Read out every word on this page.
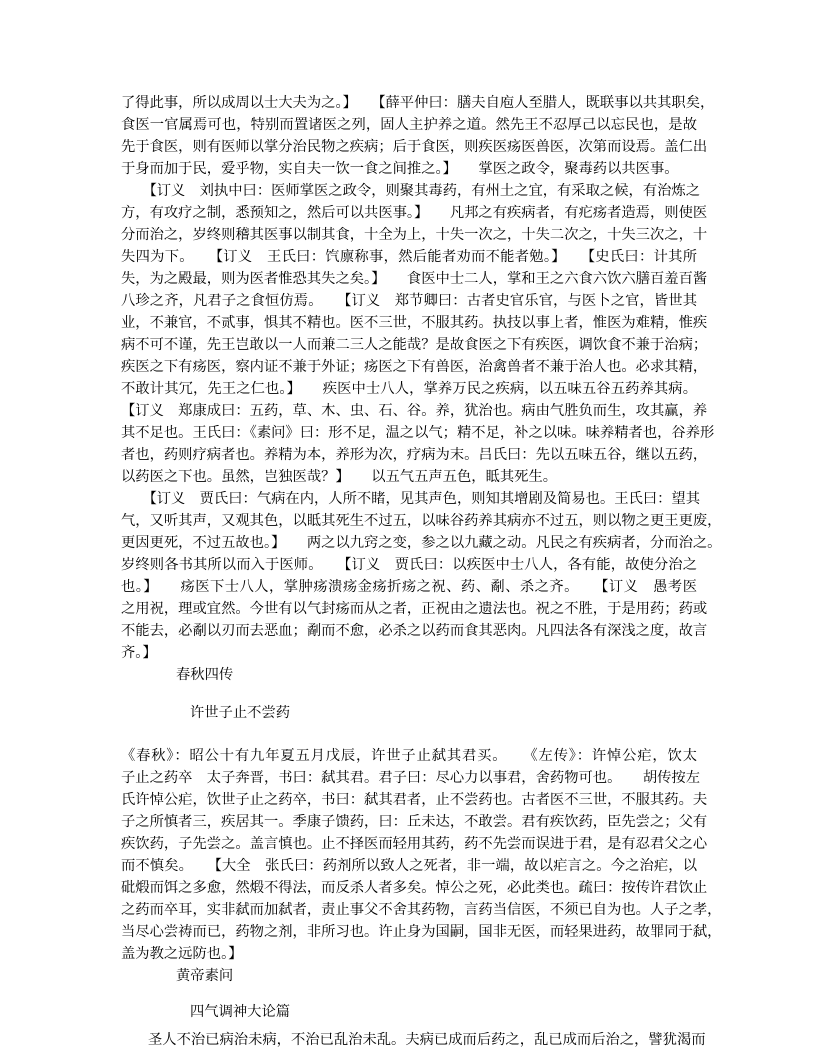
了得此事，所以成周以士大夫为之。】　　【薛平仲曰：膳夫自庖人至腊人，既联事以共其职矣，
食医一官属焉可也，特别而置诸医之列，固人主护养之道。然先王不忍厚己以忘民也，是故
先于食医，则有医师以掌分治民物之疾病；后于食医，则疾医疡医兽医，次第而设焉。盖仁出
于身而加于民，爱乎物，实自夫一饮一食之间推之。】　　掌医之政令，聚毒药以共医事。
　　【订义　刘执中曰：医师掌医之政令，则聚其毒药，有州土之宜，有采取之候，有治炼之
方，有攻疗之制，悉预知之，然后可以共医事。】　　凡邦之有疾病者，有疕疡者造焉，则使医
分而治之，岁终则稽其医事以制其食，十全为上，十失一次之，十失二次之，十失三次之，十
失四为下。　　【订义　王氏曰：饩廪称事，然后能者劝而不能者勉。】　　【史氏曰：计其所
失，为之殿最，则为医者惟恐其失之矣。】　　食医中士二人，掌和王之六食六饮六膳百羞百酱
八珍之齐，凡君子之食恒仿焉。　　【订义　郑节卿曰：古者史官乐官，与医卜之官，皆世其
业，不兼官，不贰事，惧其不精也。医不三世，不服其药。执技以事上者，惟医为难精，惟疾
病不可不谨，先王岂敢以一人而兼二三人之能哉？是故食医之下有疾医，调饮食不兼于治病；
疾医之下有疡医，察内证不兼于外证；疡医之下有兽医，治禽兽者不兼于治人也。必求其精，
不敢计其冗，先王之仁也。】　　疾医中士八人，掌养万民之疾病，以五味五谷五药养其病。
【订义　郑康成曰：五药，草、木、虫、石、谷。养，犹治也。病由气胜负而生，攻其赢，养
其不足也。王氏曰：《素问》曰：形不足，温之以气；精不足，补之以味。味养精者也，谷养形
者也，药则疗病者也。养精为本，养形为次，疗病为末。吕氏曰：先以五味五谷，继以五药，
以药医之下也。虽然，岂独医哉？】　　以五气五声五色，眡其死生。
　　【订义　贾氏曰：气病在内，人所不睹，见其声色，则知其增剧及简易也。王氏曰：望其
气，又听其声，又观其色，以眡其死生不过五，以味谷药养其病亦不过五，则以物之更王更废，
更因更死，不过五故也。】　　两之以九窍之变，参之以九藏之动。凡民之有疾病者，分而治之。
岁终则各书其所以而入于医师。　　【订义　贾氏曰：以疾医中士八人，各有能，故使分治之
也。】　　疡医下士八人，掌肿疡溃疡金疡折疡之祝、药、劀、杀之齐。　　【订义　愚考医
之用祝，理或宜然。今世有以气封疡而从之者，正祝由之遗法也。祝之不胜，于是用药；药或
不能去，必劀以刃而去恶血；劀而不愈，必杀之以药而食其恶肉。凡四法各有深浅之度，故言
齐。】
春秋四传
许世子止不尝药
《春秋》：昭公十有九年夏五月戊辰，许世子止弑其君买。　　《左传》：许悼公疟，饮太
子止之药卒　太子奔晋，书曰：弑其君。君子曰：尽心力以事君，舍药物可也。　　胡传按左
氏许悼公疟，饮世子止之药卒，书曰：弑其君者，止不尝药也。古者医不三世，不服其药。夫
子之所慎者三，疾居其一。季康子馈药，曰：丘未达，不敢尝。君有疾饮药，臣先尝之；父有
疾饮药，子先尝之。盖言慎也。止不择医而轻用其药，药不先尝而误进于君，是有忍君父之心
而不慎矣。　　【大全　张氏曰：药剂所以致人之死者，非一端，故以疟言之。今之治疟，以
砒煅而饵之多愈，然煅不得法，而反杀人者多矣。悼公之死，必此类也。疏曰：按传许君饮止
之药而卒耳，实非弑而加弑者，责止事父不舍其药物，言药当信医，不须已自为也。人子之孝，
当尽心尝祷而已，药物之剂，非所习也。许止身为国嗣，国非无医，而轻果进药，故罪同于弑，
盖为教之远防也。】
黄帝素问
四气调神大论篇
圣人不治已病治未病，不治已乱治未乱。夫病已成而后药之，乱已成而后治之，譬犹渴而
